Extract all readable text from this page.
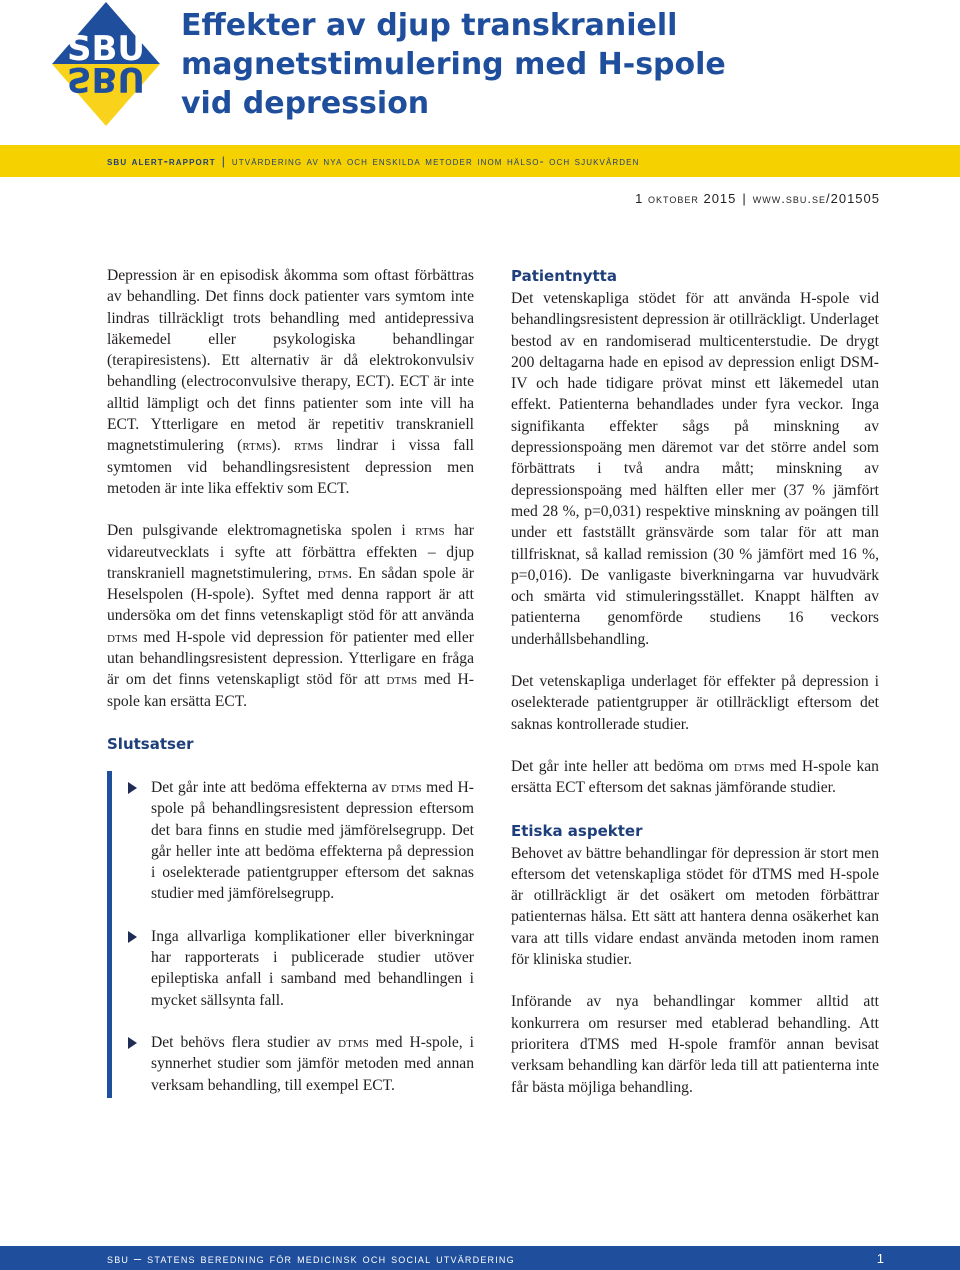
SBU
SBU
Effekter av djup transkraniell
magnetstimulering med H-spole
vid depression
sbu alert-rapport | utvärdering av nya och enskilda metoder inom hälso- och sjukvården
1 oktober 2015 | www.sbu.se/201505

Depression är en episodisk åkomma som oftast förbättras av behandling. Det finns dock patienter vars symtom inte lindras tillräckligt trots behandling med antidepressiva läkemedel eller psykologiska behandlingar (terapiresistens). Ett alternativ är då elektrokonvulsiv behandling (electroconvulsive therapy, ECT). ECT är inte alltid lämpligt och det finns patienter som inte vill ha ECT. Ytterligare en metod är repetitiv transkraniell magnetstimulering (rtms). rtms lindrar i vissa fall symtomen vid behandlingsresistent depression men metoden är inte lika effektiv som ECT.

Den pulsgivande elektromagnetiska spolen i rtms har vidareutvecklats i syfte att förbättra effekten – djup transkraniell magnetstimulering, dtms. En sådan spole är Heselspolen (H-spole). Syftet med denna rapport är att undersöka om det finns vetenskapligt stöd för att använda dtms med H-spole vid depression för patienter med eller utan behandlingsresistent depression. Ytterligare en fråga är om det finns vetenskapligt stöd för att dtms med H-spole kan ersätta ECT.

Slutsatser
Det går inte att bedöma effekterna av dtms med H-spole på behandlingsresistent depression eftersom det bara finns en studie med jämförelsegrupp. Det går heller inte att bedöma effekterna på depression i oselekterade patientgrupper eftersom det saknas studier med jämförelsegrupp.
Inga allvarliga komplikationer eller biverkningar har rapporterats i publicerade studier utöver epileptiska anfall i samband med behandlingen i mycket sällsynta fall.
Det behövs flera studier av dtms med H-spole, i synnerhet studier som jämför metoden med annan verksam behandling, till exempel ECT.
Patientnytta

Det vetenskapliga stödet för att använda H-spole vid behandlingsresistent depression är otillräckligt. Underlaget bestod av en randomiserad multicenterstudie. De drygt 200 deltagarna hade en episod av depression enligt DSM-IV och hade tidigare prövat minst ett läkemedel utan effekt. Patienterna behandlades under fyra veckor. Inga signifikanta effekter sågs på minskning av depressionspoäng men däremot var det större andel som förbättrats i två andra mått; minskning av depressionspoäng med hälften eller mer (37 % jämfört med 28 %, p=0,031) respektive minskning av poängen till under ett fastställt gränsvärde som talar för att man tillfrisknat, så kallad remission (30 % jämfört med 16 %, p=0,016). De vanligaste biverkningarna var huvudvärk och smärta vid stimuleringsstället. Knappt hälften av patienterna genomförde studiens 16 veckors underhållsbehandling.

Det vetenskapliga underlaget för effekter på depression i oselekterade patientgrupper är otillräckligt eftersom det saknas kontrollerade studier.

Det går inte heller att bedöma om dtms med H-spole kan ersätta ECT eftersom det saknas jämförande studier.

Etiska aspekter

Behovet av bättre behandlingar för depression är stort men eftersom det vetenskapliga stödet för dTMS med H-spole är otillräckligt är det osäkert om metoden förbättrar patienternas hälsa. Ett sätt att hantera denna osäkerhet kan vara att tills vidare endast använda metoden inom ramen för kliniska studier.

Införande av nya behandlingar kommer alltid att konkurrera om resurser med etablerad behandling. Att prioritera dTMS med H-spole framför annan bevisat verksam behandling kan därför leda till att patienterna inte får bästa möjliga behandling.

sbu – statens beredning för medicinsk och social utvärdering	1
